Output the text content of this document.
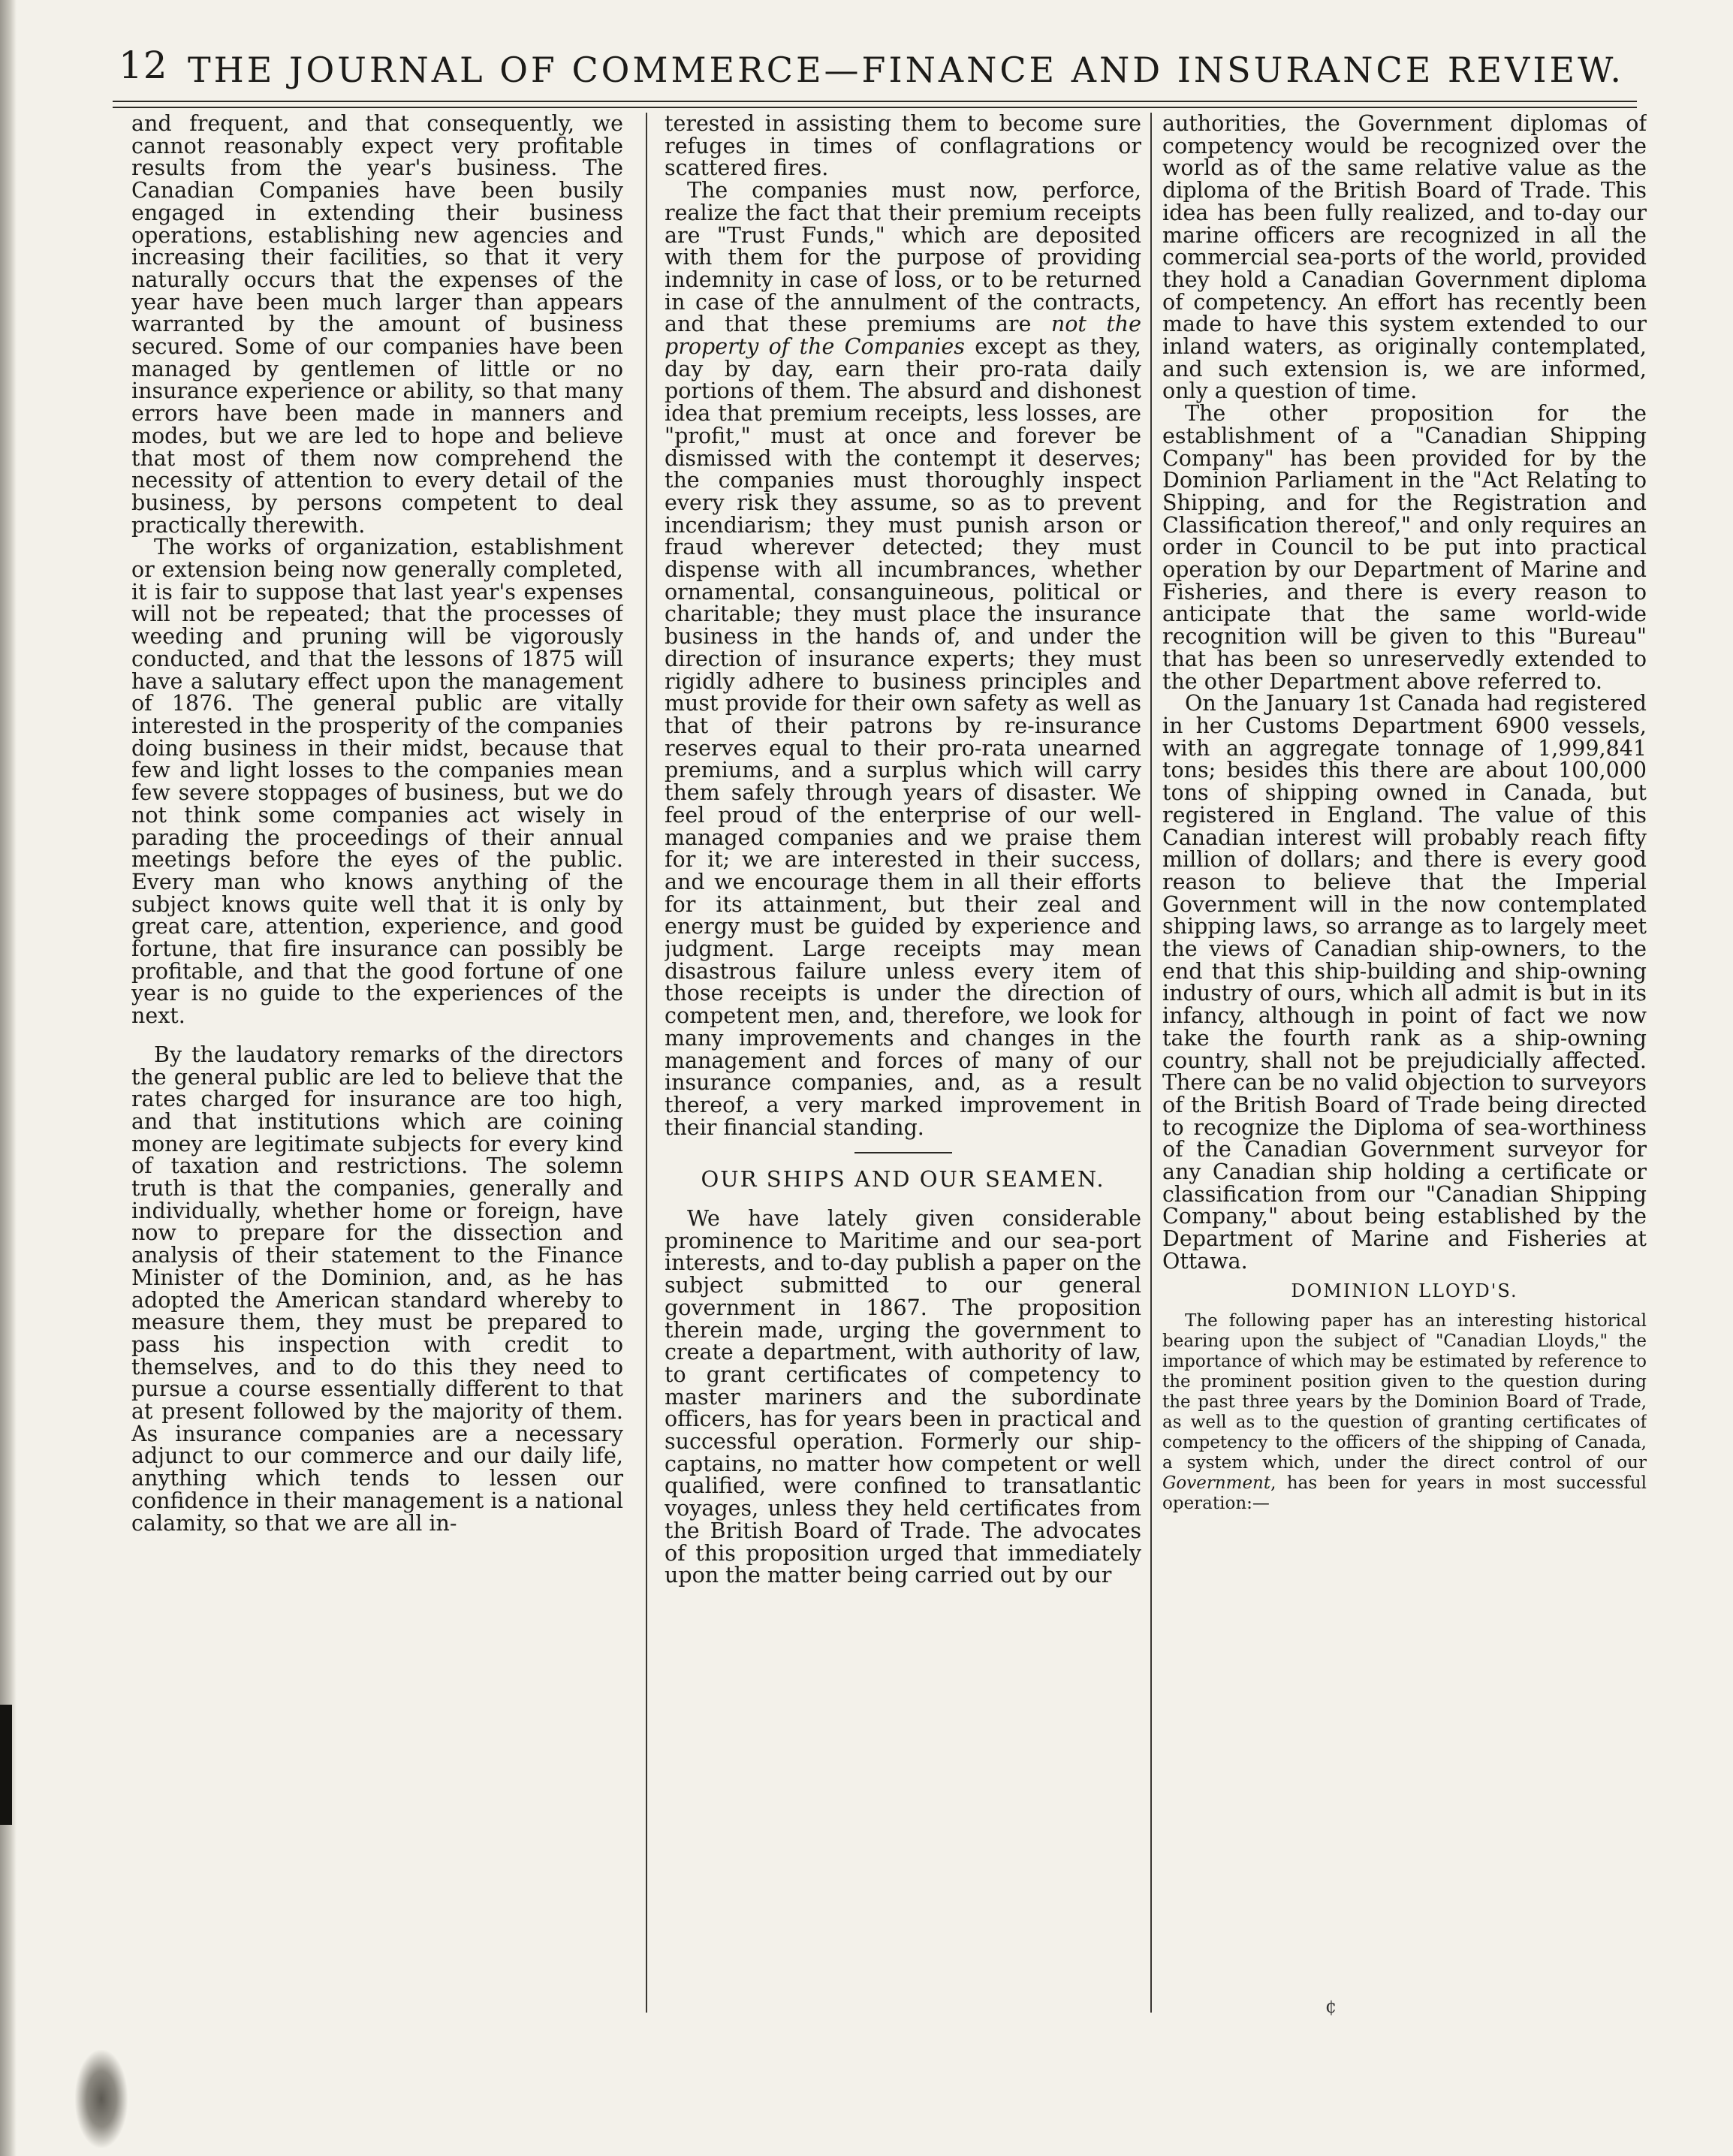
12 THE JOURNAL OF COMMERCE—FINANCE AND INSURANCE REVIEW.

and frequent, and that consequently, we cannot reasonably expect very profitable results from the year's business. The Canadian Companies have been busily engaged in extending their business operations, establishing new agencies and increasing their facilities, so that it very naturally occurs that the expenses of the year have been much larger than appears warranted by the amount of business secured. Some of our companies have been managed by gentlemen of little or no insurance experience or ability, so that many errors have been made in manners and modes, but we are led to hope and believe that most of them now comprehend the necessity of attention to every detail of the business, by persons competent to deal practically therewith.

The works of organization, establishment or extension being now generally completed, it is fair to suppose that last year's expenses will not be repeated; that the processes of weeding and pruning will be vigorously conducted, and that the lessons of 1875 will have a salutary effect upon the management of 1876. The general public are vitally interested in the prosperity of the companies doing business in their midst, because that few and light losses to the companies mean few severe stoppages of business, but we do not think some companies act wisely in parading the proceedings of their annual meetings before the eyes of the public. Every man who knows anything of the subject knows quite well that it is only by great care, attention, experience, and good fortune, that fire insurance can possibly be profitable, and that the good fortune of one year is no guide to the experiences of the next.

By the laudatory remarks of the directors the general public are led to believe that the rates charged for insurance are too high, and that institutions which are coining money are legitimate subjects for every kind of taxation and restrictions. The solemn truth is that the companies, generally and individually, whether home or foreign, have now to prepare for the dissection and analysis of their statement to the Finance Minister of the Dominion, and, as he has adopted the American standard whereby to measure them, they must be prepared to pass his inspection with credit to themselves, and to do this they need to pursue a course essentially different to that at present followed by the majority of them. As insurance companies are a necessary adjunct to our commerce and our daily life, anything which tends to lessen our confidence in their management is a national calamity, so that we are all in-

terested in assisting them to become sure refuges in times of conflagrations or scattered fires.

The companies must now, perforce, realize the fact that their premium receipts are "Trust Funds," which are deposited with them for the purpose of providing indemnity in case of loss, or to be returned in case of the annulment of the contracts, and that these premiums are not the property of the Companies except as they, day by day, earn their pro-rata daily portions of them. The absurd and dishonest idea that premium receipts, less losses, are "profit," must at once and forever be dismissed with the contempt it deserves; the companies must thoroughly inspect every risk they assume, so as to prevent incendiarism; they must punish arson or fraud wherever detected; they must dispense with all incumbrances, whether ornamental, consanguineous, political or charitable; they must place the insurance business in the hands of, and under the direction of insurance experts; they must rigidly adhere to business principles and must provide for their own safety as well as that of their patrons by re-insurance reserves equal to their pro-rata unearned premiums, and a surplus which will carry them safely through years of disaster. We feel proud of the enterprise of our well-managed companies and we praise them for it; we are interested in their success, and we encourage them in all their efforts for its attainment, but their zeal and energy must be guided by experience and judgment. Large receipts may mean disastrous failure unless every item of those receipts is under the direction of competent men, and, therefore, we look for many improvements and changes in the management and forces of many of our insurance companies, and, as a result thereof, a very marked improvement in their financial standing.

OUR SHIPS AND OUR SEAMEN.

We have lately given considerable prominence to Maritime and our sea-port interests, and to-day publish a paper on the subject submitted to our general government in 1867. The proposition therein made, urging the government to create a department, with authority of law, to grant certificates of competency to master mariners and the subordinate officers, has for years been in practical and successful operation. Formerly our ship-captains, no matter how competent or well qualified, were confined to transatlantic voyages, unless they held certificates from the British Board of Trade. The advocates of this proposition urged that immediately upon the matter being carried out by our

authorities, the Government diplomas of competency would be recognized over the world as of the same relative value as the diploma of the British Board of Trade. This idea has been fully realized, and to-day our marine officers are recognized in all the commercial sea-ports of the world, provided they hold a Canadian Government diploma of competency. An effort has recently been made to have this system extended to our inland waters, as originally contemplated, and such extension is, we are informed, only a question of time.

The other proposition for the establishment of a "Canadian Shipping Company" has been provided for by the Dominion Parliament in the "Act Relating to Shipping, and for the Registration and Classification thereof," and only requires an order in Council to be put into practical operation by our Department of Marine and Fisheries, and there is every reason to anticipate that the same world-wide recognition will be given to this "Bureau" that has been so unreservedly extended to the other Department above referred to.

On the January 1st Canada had registered in her Customs Department 6900 vessels, with an aggregate tonnage of 1,999,841 tons; besides this there are about 100,000 tons of shipping owned in Canada, but registered in England. The value of this Canadian interest will probably reach fifty million of dollars; and there is every good reason to believe that the Imperial Government will in the now contemplated shipping laws, so arrange as to largely meet the views of Canadian ship-owners, to the end that this ship-building and ship-owning industry of ours, which all admit is but in its infancy, although in point of fact we now take the fourth rank as a ship-owning country, shall not be prejudicially affected. There can be no valid objection to surveyors of the British Board of Trade being directed to recognize the Diploma of sea-worthiness of the Canadian Government surveyor for any Canadian ship holding a certificate or classification from our "Canadian Shipping Company," about being established by the Department of Marine and Fisheries at Ottawa.

DOMINION LLOYD'S.

The following paper has an interesting historical bearing upon the subject of "Canadian Lloyds," the importance of which may be estimated by reference to the prominent position given to the question during the past three years by the Dominion Board of Trade, as well as to the question of granting certificates of competency to the officers of the shipping of Canada, a system which, under the direct control of our Government, has been for years in most successful operation:—

¢
